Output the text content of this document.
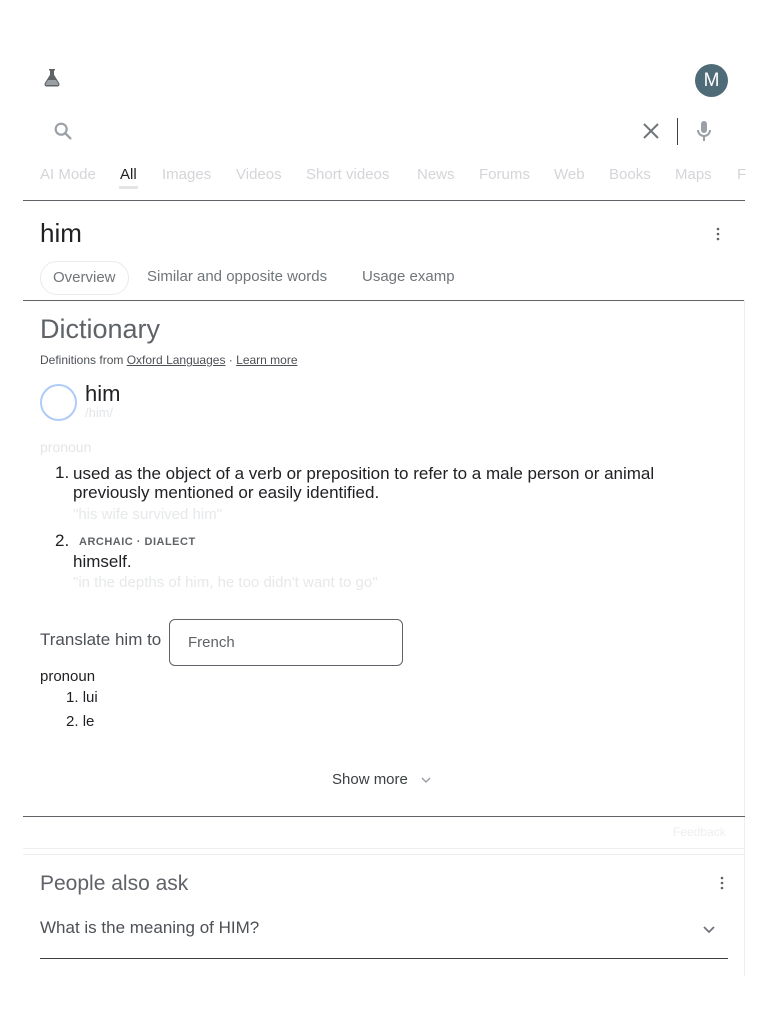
M
AI Mode All Images Videos Short videos News Forums Web Books Maps F
him
Overview	Similar and opposite words Usage examp
Dictionary
Definitions from Oxford Languages · Learn more
him
/him/
pronoun
1. used as the object of a verb or preposition to refer to a male person or animal previously mentioned or easily identified.
"his wife survived him"
2. ARCHAIC · DIALECT
himself.
"in the depths of him, he too didn't want to go"
Translate him to French
pronoun
1. lui
2. le
Show more
Feedback
People also ask
What is the meaning of HIM?
